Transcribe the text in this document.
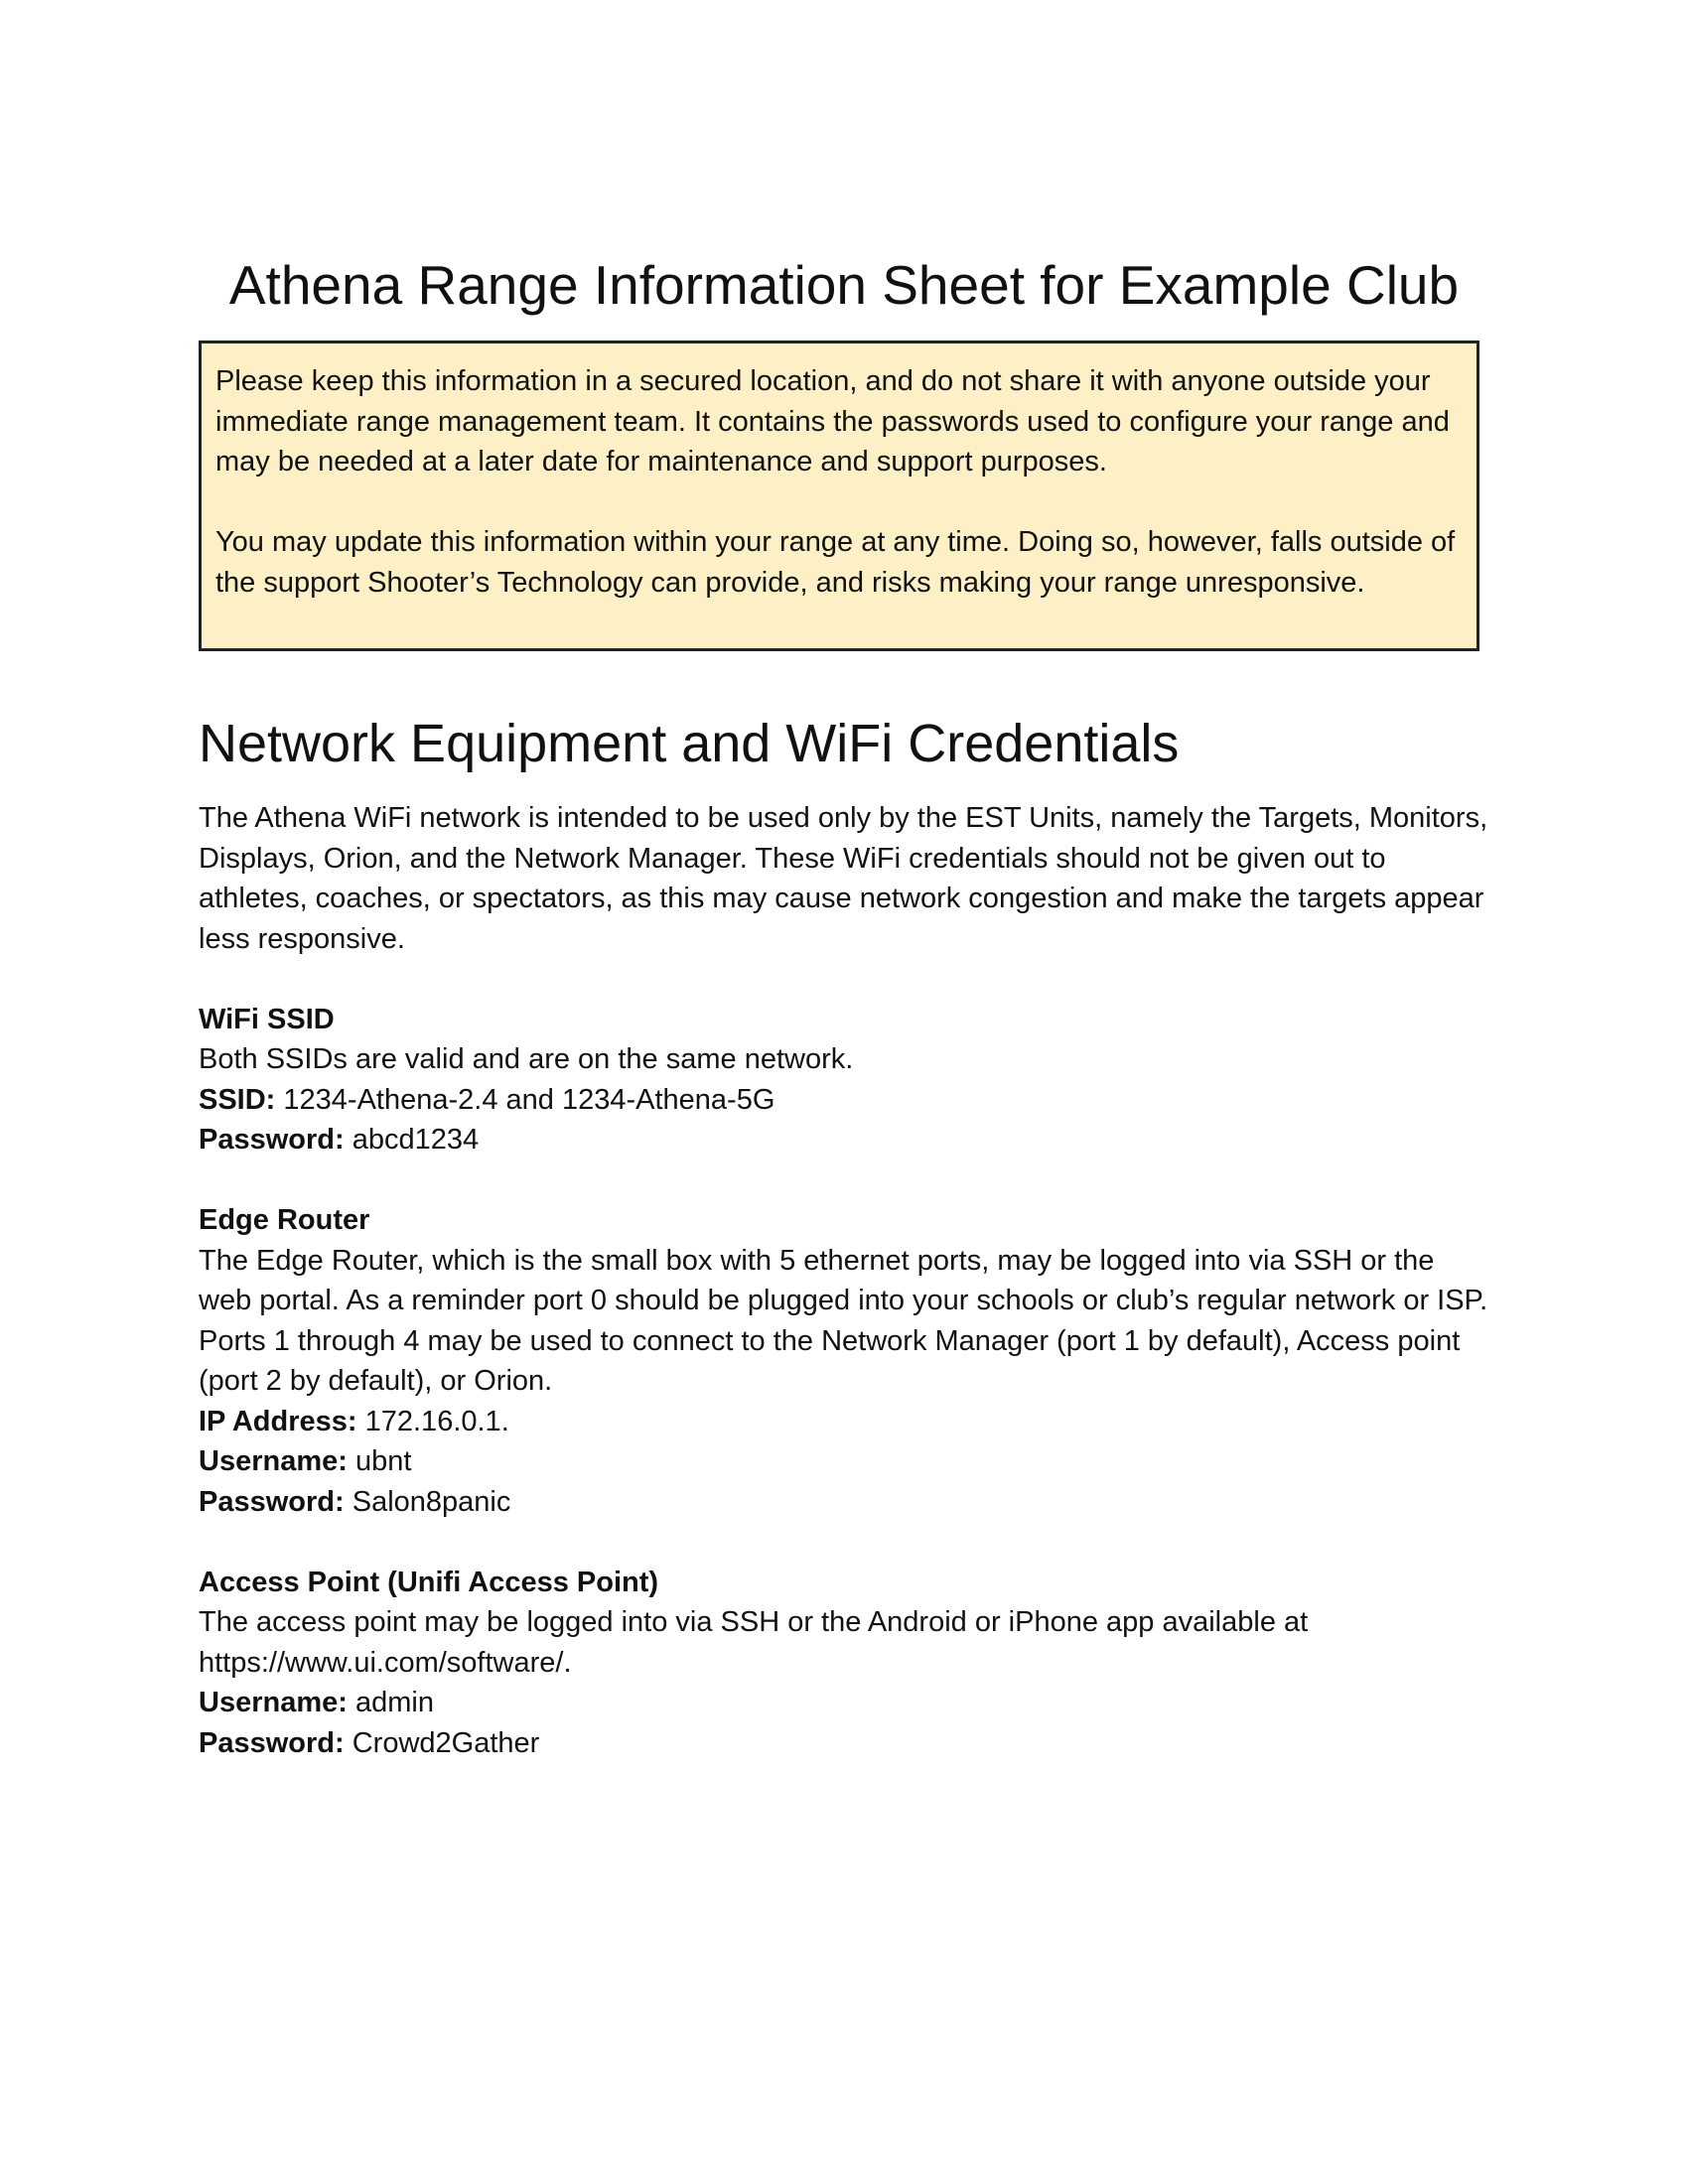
Athena Range Information Sheet for Example Club

Please keep this information in a secured location, and do not share it with anyone outside your immediate range management team. It contains the passwords used to configure your range and may be needed at a later date for maintenance and support purposes.

You may update this information within your range at any time. Doing so, however, falls outside of the support Shooter’s Technology can provide, and risks making your range unresponsive.

Network Equipment and WiFi Credentials

The Athena WiFi network is intended to be used only by the EST Units, namely the Targets, Monitors, Displays, Orion, and the Network Manager. These WiFi credentials should not be given out to athletes, coaches, or spectators, as this may cause network congestion and make the targets appear less responsive.

WiFi SSID

Both SSIDs are valid and are on the same network.

SSID: 1234-Athena-2.4 and 1234-Athena-5G

Password: abcd1234

Edge Router

The Edge Router, which is the small box with 5 ethernet ports, may be logged into via SSH or the web portal. As a reminder port 0 should be plugged into your schools or club’s regular network or ISP. Ports 1 through 4 may be used to connect to the Network Manager (port 1 by default), Access point (port 2 by default), or Orion.

IP Address: 172.16.0.1.

Username: ubnt

Password: Salon8panic

Access Point (Unifi Access Point)

The access point may be logged into via SSH or the Android or iPhone app available at https://www.ui.com/software/.

Username: admin

Password: Crowd2Gather
